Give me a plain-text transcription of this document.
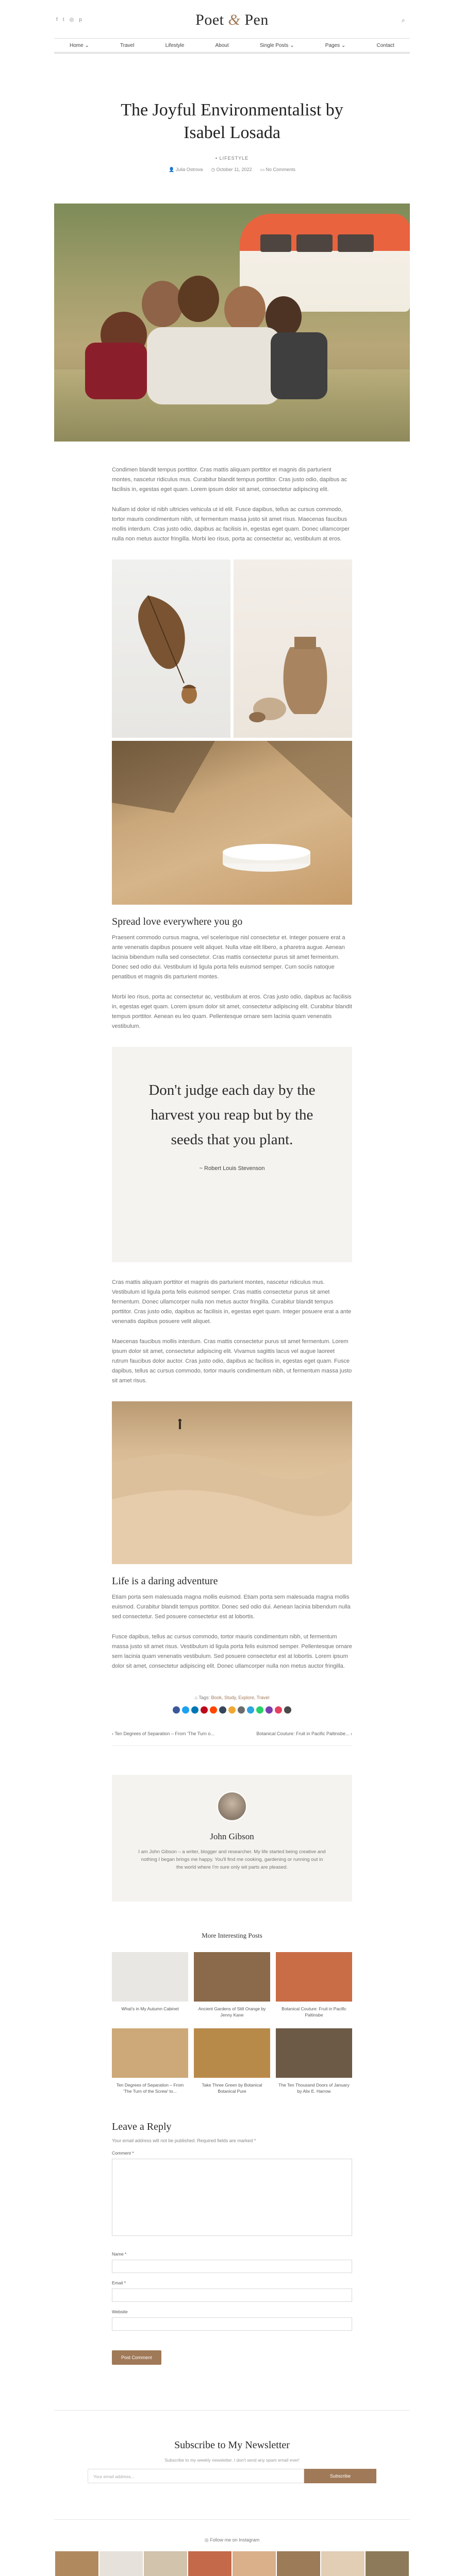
f t ◎ p	Poet & Pen	⌕
Home ⌄	Travel	Lifestyle	About	Single Posts ⌄	Pages ⌄	Contact
The Joyful Environmentalist by
Isabel Losada
▪ LIFESTYLE
👤 Julia Ostrova ◷ October 11, 2022 ▭ No Comments

Condimen blandit tempus porttitor. Cras mattis aliquam porttitor et magnis dis parturient montes, nascetur ridiculus mus. Curabitur blandit tempus porttitor. Cras justo odio, dapibus ac facilisis in, egestas eget quam. Lorem ipsum dolor sit amet, consectetur adipiscing elit.

Nullam id dolor id nibh ultricies vehicula ut id elit. Fusce dapibus, tellus ac cursus commodo, tortor mauris condimentum nibh, ut fermentum massa justo sit amet risus. Maecenas faucibus mollis interdum. Cras justo odio, dapibus ac facilisis in, egestas eget quam. Donec ullamcorper nulla non metus auctor fringilla. Morbi leo risus, porta ac consectetur ac, vestibulum at eros.

Spread love everywhere you go

Praesent commodo cursus magna, vel scelerisque nisl consectetur et. Integer posuere erat a ante venenatis dapibus posuere velit aliquet. Nulla vitae elit libero, a pharetra augue. Aenean lacinia bibendum nulla sed consectetur. Cras mattis consectetur purus sit amet fermentum. Donec sed odio dui. Vestibulum id ligula porta felis euismod semper. Cum sociis natoque penatibus et magnis dis parturient montes.

Morbi leo risus, porta ac consectetur ac, vestibulum at eros. Cras justo odio, dapibus ac facilisis in, egestas eget quam. Lorem ipsum dolor sit amet, consectetur adipiscing elit. Curabitur blandit tempus porttitor. Aenean eu leo quam. Pellentesque ornare sem lacinia quam venenatis vestibulum.

Don't judge each day by the harvest you reap but by the seeds that you plant.
~ Robert Louis Stevenson

Cras mattis aliquam porttitor et magnis dis parturient montes, nascetur ridiculus mus. Vestibulum id ligula porta felis euismod semper. Cras mattis consectetur purus sit amet fermentum. Donec ullamcorper nulla non metus auctor fringilla. Curabitur blandit tempus porttitor. Cras justo odio, dapibus ac facilisis in, egestas eget quam. Integer posuere erat a ante venenatis dapibus posuere velit aliquet.

Maecenas faucibus mollis interdum. Cras mattis consectetur purus sit amet fermentum. Lorem ipsum dolor sit amet, consectetur adipiscing elit. Vivamus sagittis lacus vel augue laoreet rutrum faucibus dolor auctor. Cras justo odio, dapibus ac facilisis in, egestas eget quam. Fusce dapibus, tellus ac cursus commodo, tortor mauris condimentum nibh, ut fermentum massa justo sit amet risus.

Life is a daring adventure

Etiam porta sem malesuada magna mollis euismod. Etiam porta sem malesuada magna mollis euismod. Curabitur blandit tempus porttitor. Donec sed odio dui. Aenean lacinia bibendum nulla sed consectetur. Sed posuere consectetur est at lobortis.

Fusce dapibus, tellus ac cursus commodo, tortor mauris condimentum nibh, ut fermentum massa justo sit amet risus. Vestibulum id ligula porta felis euismod semper. Pellentesque ornare sem lacinia quam venenatis vestibulum. Sed posuere consectetur est at lobortis. Lorem ipsum dolor sit amet, consectetur adipiscing elit. Donec ullamcorper nulla non metus auctor fringilla.

⌂ Tags: Book, Study, Explore, Travel
‹ Ten Degrees of Separation – From ‘The Turn o...	Botanical Couture: Fruit in Pacific Paltinsbe... ›
John Gibson
I am John Gibson – a writer, blogger and researcher. My life started being creative and nothing I began brings me happy. You'll find me cooking, gardening or running out in the world where I'm sure only wit parts are pleased.
More Interesting Posts
What's in My Autumn Cabinet	Ancient Gardens of Still Orange by Jenny Kane
Botanical Couture: Fruit in Pacific Paltinsbe
Ten Degrees of Separation – From 'The Turn of the Screw' to...
Take Three Green by Botanical Botanical Pure
The Ten Thousand Doors of January by Alix E. Harrow
Leave a Reply
Your email address will not be published. Required fields are marked *
Comment *
Name *
Email *
Website
Post Comment
Subscribe to My Newsletter
Subscribe to my weekly newsletter. I don't send any spam email ever!
Your email address...	Subscribe
◎ Follow me on Instagram
